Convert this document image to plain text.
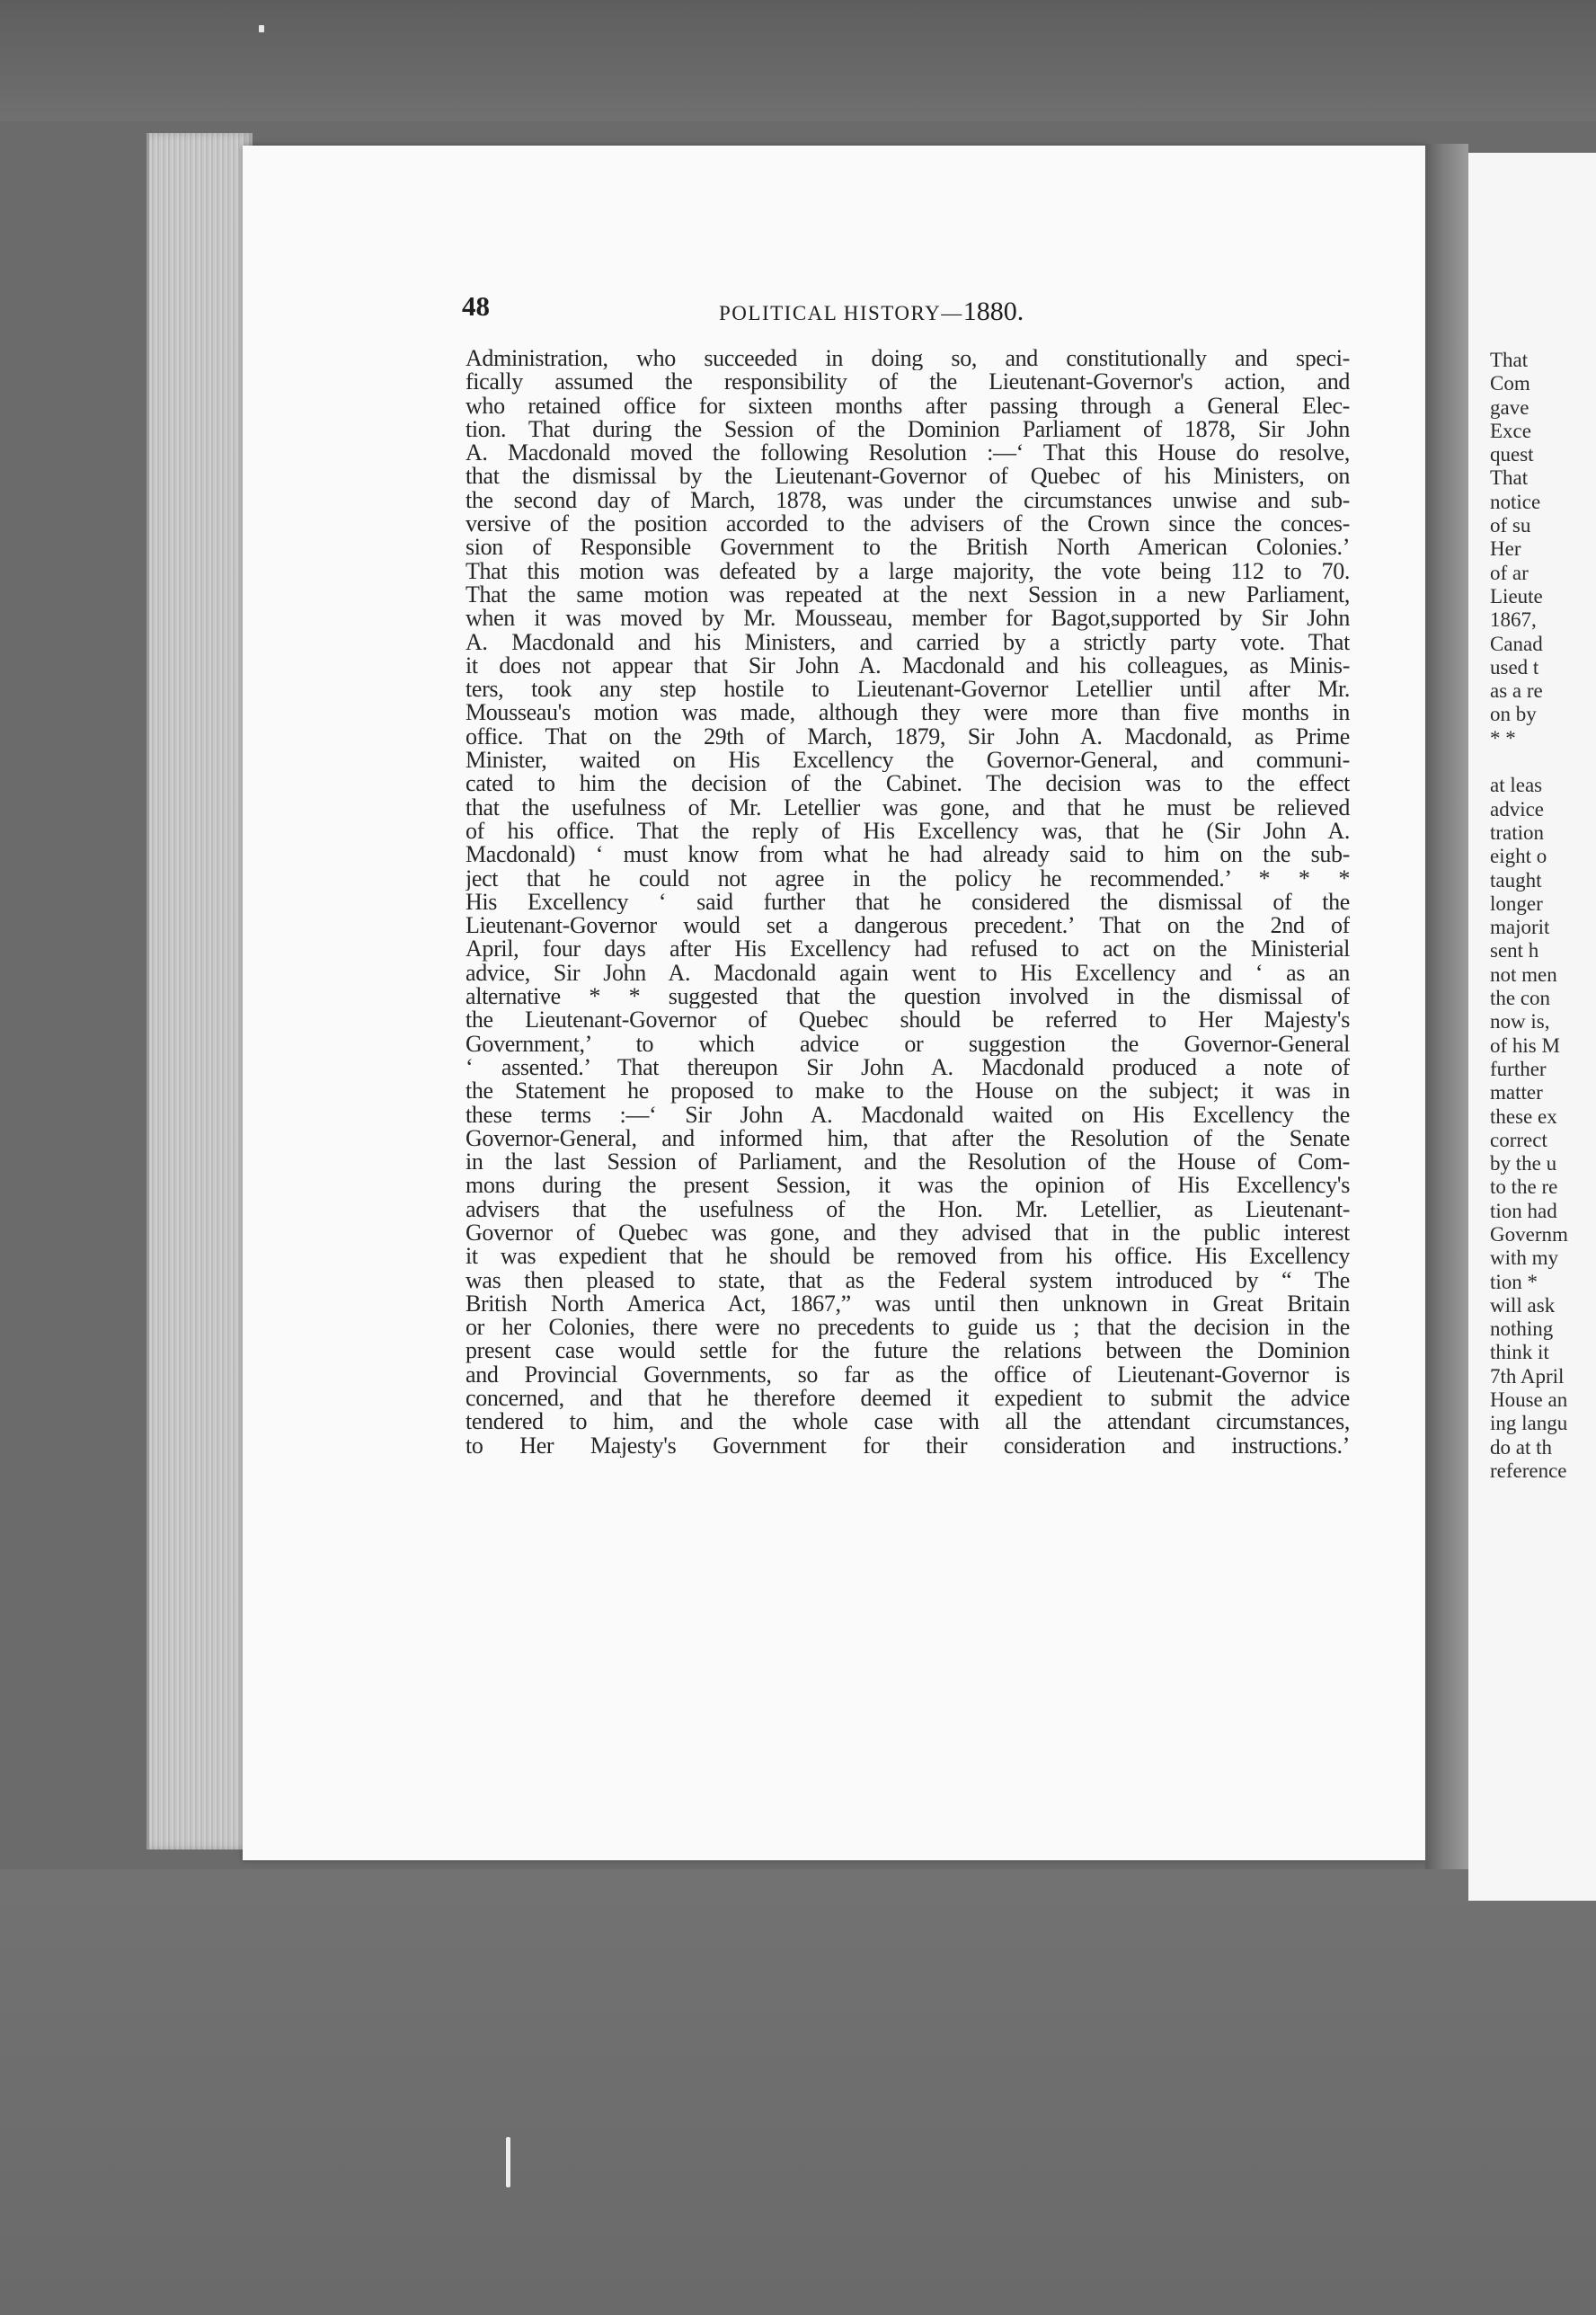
48	POLITICAL HISTORY—1880.
Administration, who succeeded in doing so, and constitutionally and speci-
fically assumed the responsibility of the Lieutenant-Governor's action, and
who retained office for sixteen months after passing through a General Elec-
tion. That during the Session of the Dominion Parliament of 1878, Sir John
A. Macdonald moved the following Resolution :—‘ That this House do resolve,
that the dismissal by the Lieutenant-Governor of Quebec of his Ministers, on
the second day of March, 1878, was under the circumstances unwise and sub-
versive of the position accorded to the advisers of the Crown since the conces-
sion of Responsible Government to the British North American Colonies.’
That this motion was defeated by a large majority, the vote being 112 to 70.
That the same motion was repeated at the next Session in a new Parliament,
when it was moved by Mr. Mousseau, member for Bagot,supported by Sir John
A. Macdonald and his Ministers, and carried by a strictly party vote. That
it does not appear that Sir John A. Macdonald and his colleagues, as Minis-
ters, took any step hostile to Lieutenant-Governor Letellier until after Mr.
Mousseau's motion was made, although they were more than five months in
office. That on the 29th of March, 1879, Sir John A. Macdonald, as Prime
Minister, waited on His Excellency the Governor-General, and communi-
cated to him the decision of the Cabinet. The decision was to the effect
that the usefulness of Mr. Letellier was gone, and that he must be relieved
of his office. That the reply of His Excellency was, that he (Sir John A.
Macdonald) ‘ must know from what he had already said to him on the sub-
ject that he could not agree in the policy he recommended.’ * * *
His Excellency ‘ said further that he considered the dismissal of the
Lieutenant-Governor would set a dangerous precedent.’ That on the 2nd of
April, four days after His Excellency had refused to act on the Ministerial
advice, Sir John A. Macdonald again went to His Excellency and ‘ as an
alternative * * suggested that the question involved in the dismissal of
the Lieutenant-Governor of Quebec should be referred to Her Majesty's
Government,’ to which advice or suggestion the Governor-General
‘ assented.’ That thereupon Sir John A. Macdonald produced a note of
the Statement he proposed to make to the House on the subject; it was in
these terms :—‘ Sir John A. Macdonald waited on His Excellency the
Governor-General, and informed him, that after the Resolution of the Senate
in the last Session of Parliament, and the Resolution of the House of Com-
mons during the present Session, it was the opinion of His Excellency's
advisers that the usefulness of the Hon. Mr. Letellier, as Lieutenant-
Governor of Quebec was gone, and they advised that in the public interest
it was expedient that he should be removed from his office. His Excellency
was then pleased to state, that as the Federal system introduced by “ The
British North America Act, 1867,” was until then unknown in Great Britain
or her Colonies, there were no precedents to guide us ; that the decision in the
present case would settle for the future the relations between the Dominion
and Provincial Governments, so far as the office of Lieutenant-Governor is
concerned, and that he therefore deemed it expedient to submit the advice
tendered to him, and the whole case with all the attendant circumstances,
to Her Majesty's Government for their consideration and instructions.’
That
Com
gave
Exce
quest
That
notice
of su
Her
of ar
Lieute
1867,
Canad
used t
as a re
on by
* *
at leas
advice
tration
eight o
taught
longer
majorit
sent h
not men
the con
now is,
of his M
further
matter
these ex
correct
by the u
to the re
tion had
Governm
with my
tion *
will ask
nothing
think it
7th April
House an
ing langu
do at th
reference
